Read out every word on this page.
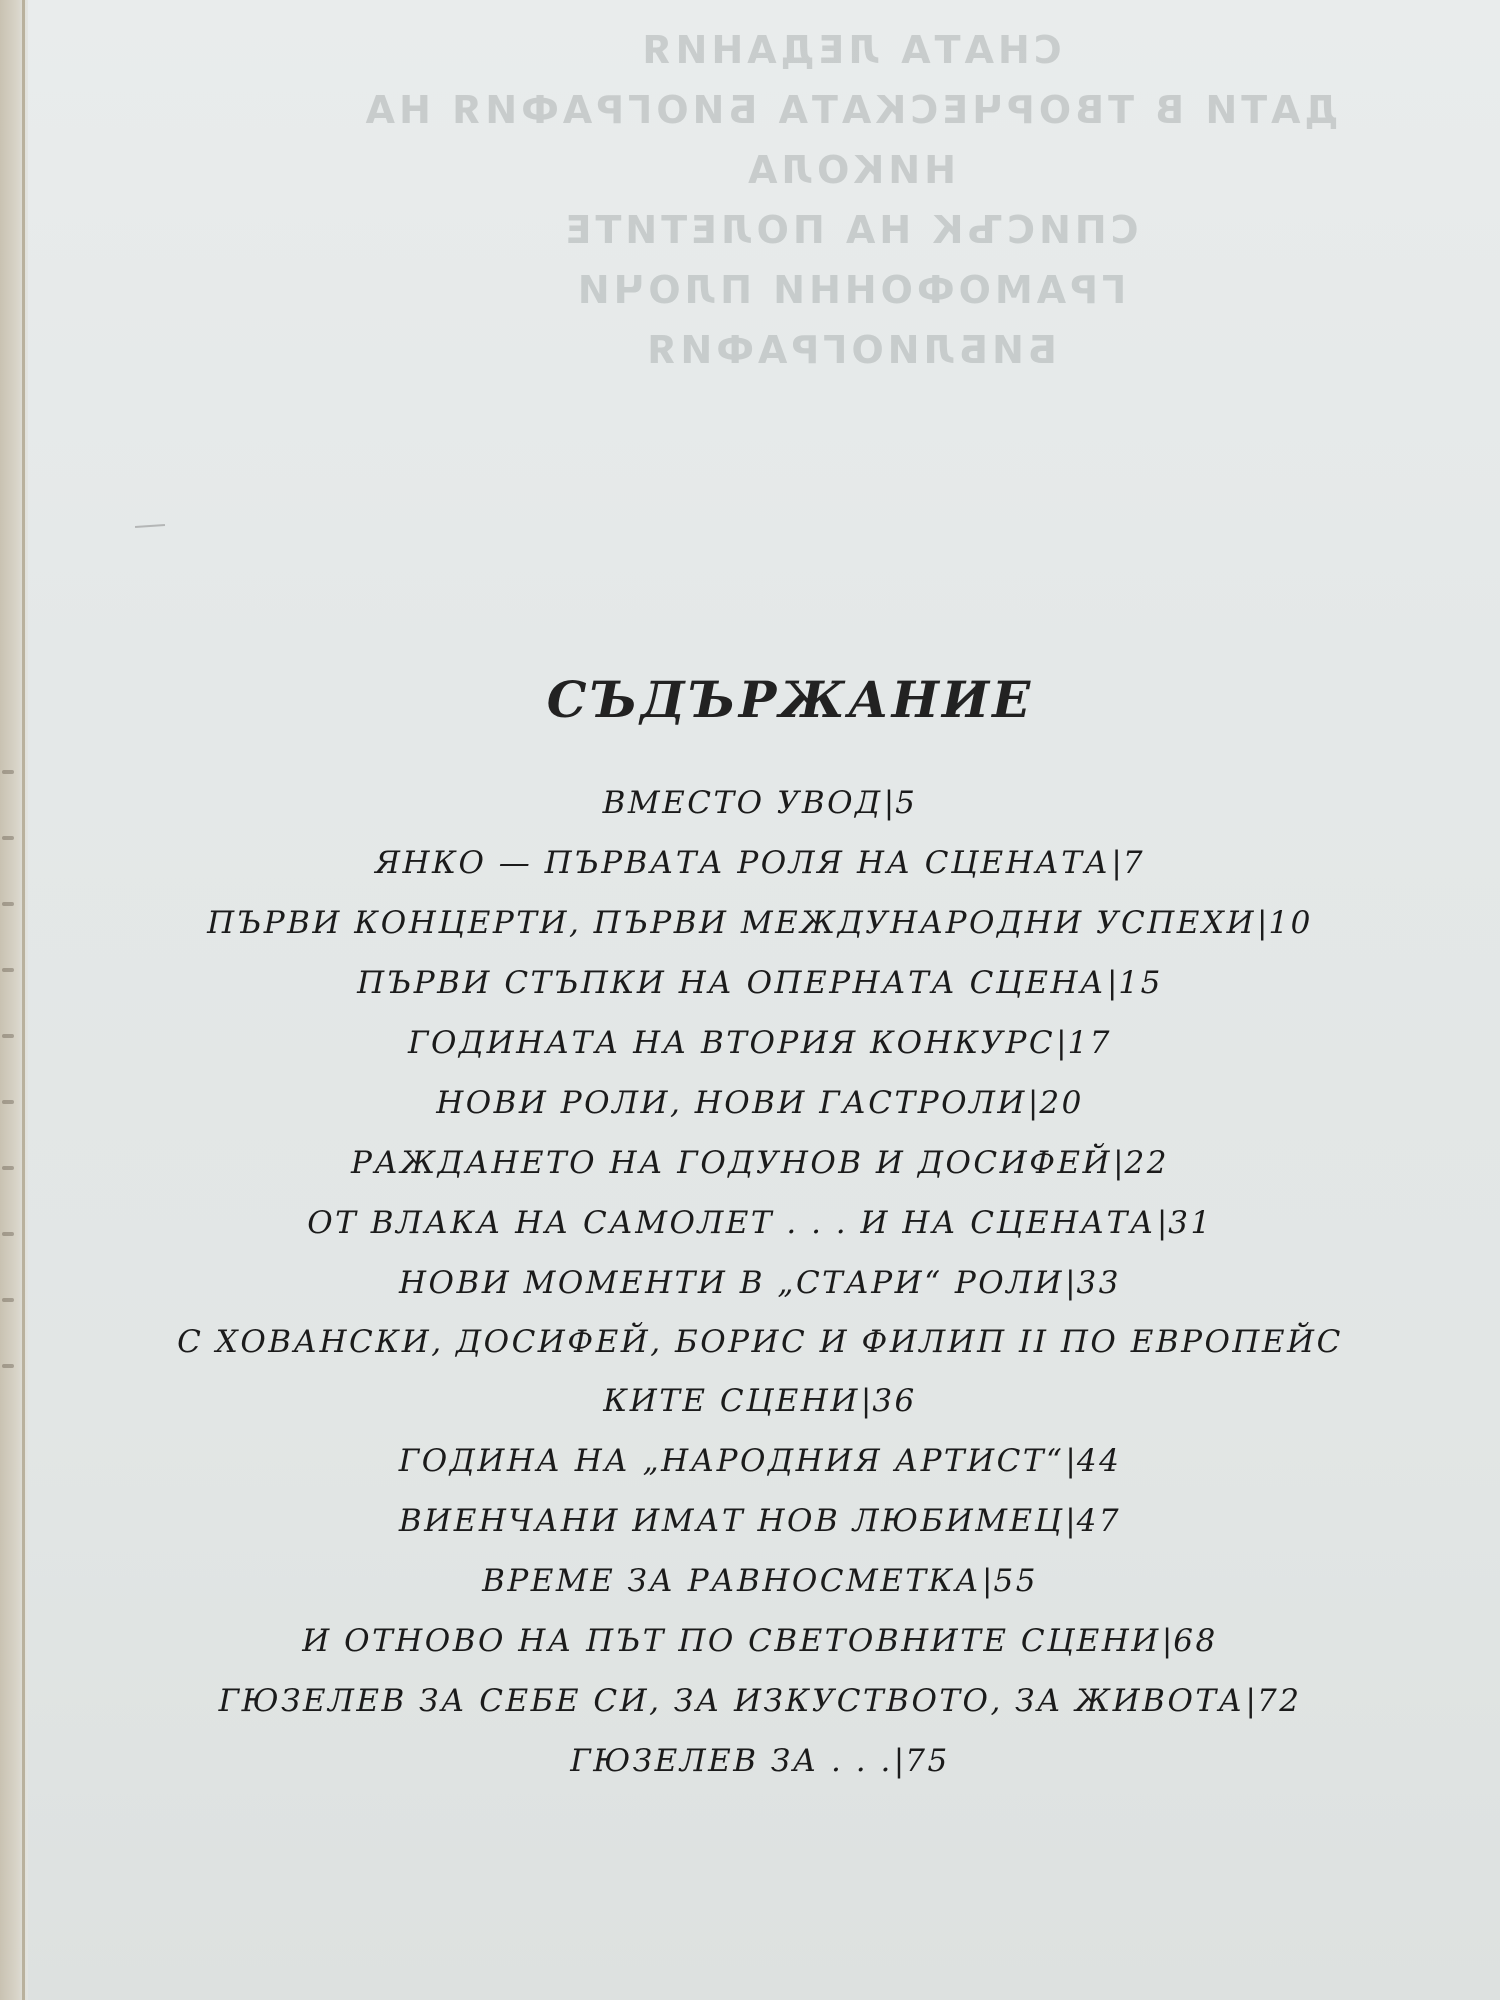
СНАТА ЛЕДАНИЯ
ДАТИ В ТВОРЧЕСКАТА БИОГРАФИЯ НА НИКОЛА
СПИСЪК НА ПОЛЕТИТЕ
ГРАМОФОННИ ПЛОЧИ
БИБЛИОГРАФИЯ
СЪДЪРЖАНИЕ
ВМЕСТО УВОД|5
ЯНКО — ПЪРВАТА РОЛЯ НА СЦЕНАТА|7
ПЪРВИ КОНЦЕРТИ, ПЪРВИ МЕЖДУНАРОДНИ УСПЕХИ|10
ПЪРВИ СТЪПКИ НА ОПЕРНАТА СЦЕНА|15
ГОДИНАТА НА ВТОРИЯ КОНКУРС|17
НОВИ РОЛИ, НОВИ ГАСТРОЛИ|20
РАЖДАНЕТО НА ГОДУНОВ И ДОСИФЕЙ|22
ОТ ВЛАКА НА САМОЛЕТ . . . И НА СЦЕНАТА|31
НОВИ МОМЕНТИ В „СТАРИ“ РОЛИ|33
С ХОВАНСКИ, ДОСИФЕЙ, БОРИС И ФИЛИП II ПО ЕВРОПЕЙС
КИТЕ СЦЕНИ|36
ГОДИНА НА „НАРОДНИЯ АРТИСТ“|44
ВИЕНЧАНИ ИМАТ НОВ ЛЮБИМЕЦ|47
ВРЕМЕ ЗА РАВНОСМЕТКА|55
И ОТНОВО НА ПЪТ ПО СВЕТОВНИТЕ СЦЕНИ|68
ГЮЗЕЛЕВ ЗА СЕБЕ СИ, ЗА ИЗКУСТВОТО, ЗА ЖИВОТА|72
ГЮЗЕЛЕВ ЗА . . .|75
